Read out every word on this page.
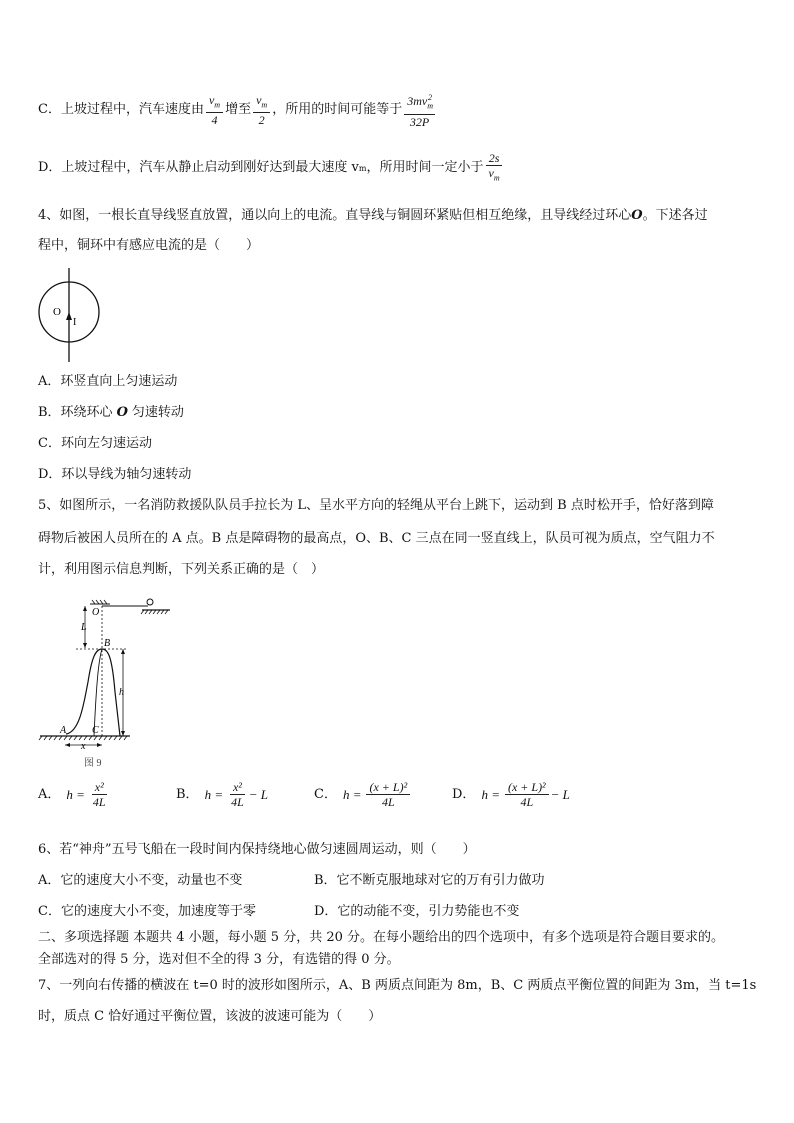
C．上坡过程中，汽车速度由 $\frac{v_m}{4}$ 增至 $\frac{v_m}{2}$ ，所用的时间可能等于 $\frac{3mv_m^2}{32P}$
D．上坡过程中，汽车从静止启动到刚好达到最大速度 v m ，所用时间一定小于 $\frac{2s}{v_m}$
4、如图，一根长直导线竖直放置，通以向上的电流。直导线与铜圆环紧贴但相互绝缘，且导线经过环心O。下述各过
程中，铜环中有感应电流的是（　　）
O
I
A．环竖直向上匀速运动
B．环绕环心 O 匀速转动
C．环向左匀速运动
D．环以导线为轴匀速转动
5、如图所示，一名消防救援队队员手拉长为 L、呈水平方向的轻绳从平台上跳下，运动到 B 点时松开手，恰好落到障
碍物后被困人员所在的 A 点。B 点是障碍物的最高点，O、B、C 三点在同一竖直线上，队员可视为质点，空气阻力不
计，利用图示信息判断，下列关系正确的是（　）
O
L
B
h
A	C
x
图 9
A． $h = \frac{\text{x²}}{4L}$	B． $h = \frac{\text{x²}}{4L} - L$	C． $h = \frac{\text{(x + L)²}}{4L}$	D． $h = \frac{\text{(x + L)²}}{4L} - L$
6、若“神舟”五号飞船在一段时间内保持绕地心做匀速圆周运动，则（　　）
A．它的速度大小不变，动量也不变	B．它不断克服地球对它的万有引力做功
C．它的速度大小不变，加速度等于零	D．它的动能不变，引力势能也不变
二、多项选择题 本题共 4 小题，每小题 5 分，共 20 分。在每小题给出的四个选项中，有多个选项是符合题目要求的。
全部选对的得 5 分，选对但不全的得 3 分，有选错的得 0 分。
7、一列向右传播的横波在 t=0 时的波形如图所示，A、B 两质点间距为 8m，B、C 两质点平衡位置的间距为 3m，当 t=1s
时，质点 C 恰好通过平衡位置，该波的波速可能为（　　）
